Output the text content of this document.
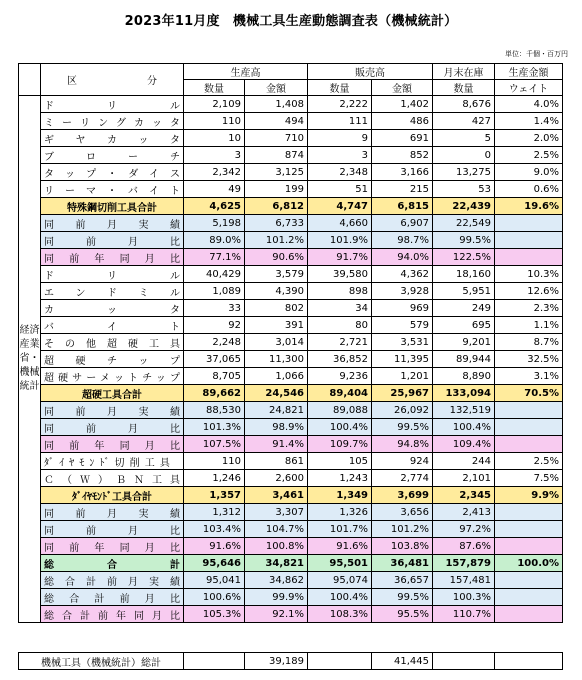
2023年11月度　機械工具生産動態調査表（機械統計）
単位：千個・百万円
	区　　　　　　　分	生産高		販売高		月末在庫	生産金額
		数量	金額	数量	金額	数量	ウェイト
経済産業省・機械統計	ド　リ　ル	2,109	1,408	2,222	1,402	8,676	4.0%
	ミーリングカッタ	110	494	111	486	427	1.4%
	ギ　ヤ　カ　ッ　タ	10	710	9	691	5	2.0%
	ブ　ロ　ー　チ	3	874	3	852	0	2.5%
	タップ・ダイス	2,342	3,125	2,348	3,166	13,275	9.0%
	リーマ・バイト	49	199	51	215	53	0.6%
	特殊鋼切削工具合計	4,625	6,812	4,747	6,815	22,439	19.6%
	同前月実績	5,198	6,733	4,660	6,907	22,549	
	同　前　月　比	89.0%	101.2%	101.9%	98.7%	99.5%	
	同前年同月比	77.1%	90.6%	91.7%	94.0%	122.5%	
	ド　リ　ル	40,429	3,579	39,580	4,362	18,160	10.3%
	エ　ン　ド　ミ　ル	1,089	4,390	898	3,928	5,951	12.6%
	カ　ッ　タ	33	802	34	969	249	2.3%
	バ　イ　ト	92	391	80	579	695	1.1%
	その他超硬工具	2,248	3,014	2,721	3,531	9,201	8.7%
	超　硬　チ　ッ　プ	37,065	11,300	36,852	11,395	89,944	32.5%
	超硬サーメットチップ	8,705	1,066	9,236	1,201	8,890	3.1%
	超硬工具合計	89,662	24,546	89,404	25,967	133,094	70.5%
	同前月実績	88,530	24,821	89,088	26,092	132,519	
	同　前　月　比	101.3%	98.9%	100.4%	99.5%	100.4%	
	同前年同月比	107.5%	91.4%	109.7%	94.8%	109.4%	
	ﾀﾞｲﾔﾓﾝﾄﾞ切削工具	110	861	105	924	244	2.5%
	Ｃ（Ｗ）ＢＮ工具	1,246	2,600	1,243	2,774	2,101	7.5%
	ﾀﾞｲﾔﾓﾝﾄﾞ工具合計	1,357	3,461	1,349	3,699	2,345	9.9%
	同前月実績	1,312	3,307	1,326	3,656	2,413	
	同　前　月　比	103.4%	104.7%	101.7%	101.2%	97.2%	
	同前年同月比	91.6%	100.8%	91.6%	103.8%	87.6%	
	総　　合　　計	95,646	34,821	95,501	36,481	157,879	100.0%
	総合計前月実績	95,041	34,862	95,074	36,657	157,481	
	総合計前月比	100.6%	99.9%	100.4%	99.5%	100.3%	
	総合計前年同月比	105.3%	92.1%	108.3%	95.5%	110.7%	
機械工具（機械統計）総計		39,189		41,445		
